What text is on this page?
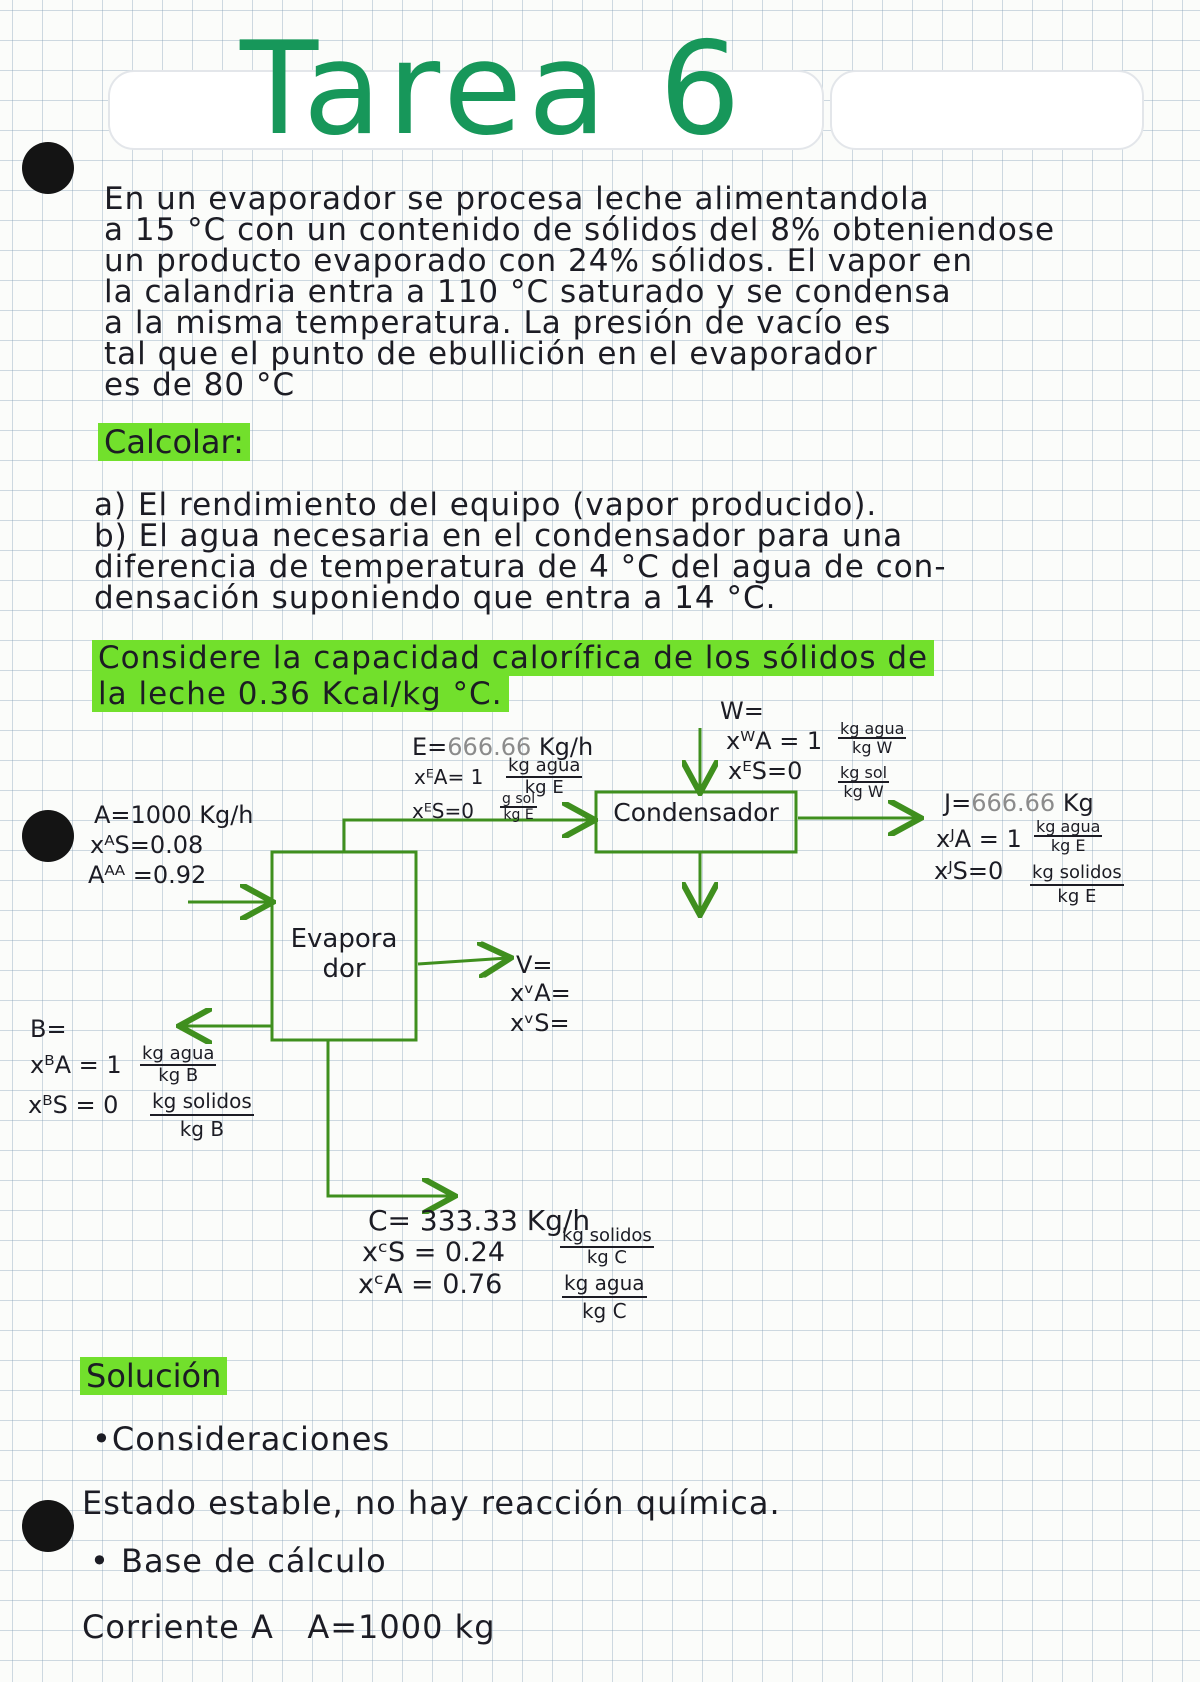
Tarea 6

En un evaporador se procesa leche alimentandola

a 15 °C con un contenido de sólidos del 8% obteniendose

un producto evaporado con 24% sólidos. El vapor en

la calandria entra a 110 °C saturado y se condensa

a la misma temperatura. La presión de vacío es

tal que el punto de ebullición en el evaporador

es de 80 °C

Calcolar:

a) El rendimiento del equipo (vapor producido).

b) El agua necesaria en el condensador para una

diferencia de temperatura de 4 °C del agua de con-

densación suponiendo que entra a 14 °C.

Considere la capacidad calorífica de los sólidos de

la leche 0.36 Kcal/kg °C.

Evapora
dor
Condensador
A=1000 Kg/h
xᴬS=0.08
Aᴬᴬ =0.92
E=666.66 Kg/h
xᴱA= 1 kg agua
kg E
xᴱS=0 g sol
kg E
W=
xᵂA = 1 kg agua
kg W
xᴱS=0 kg sol
kg W	J=666.66 Kg
xᴶA = 1 kg agua
kg E
xᴶS=0 kg solidos
kg E
V=
xᵛA=
xᵛS=
B=
xᴮA = 1 kg agua
kg B
xᴮS = 0 kg solidos
kg B
C= 333.33 Kg/h
xᶜS = 0.24
kg solidos
kg C
xᶜA = 0.76	kg agua
kg C
Solución
•Consideraciones
Estado estable, no hay reacción química.
• Base de cálculo
Corriente A   A=1000 kg
